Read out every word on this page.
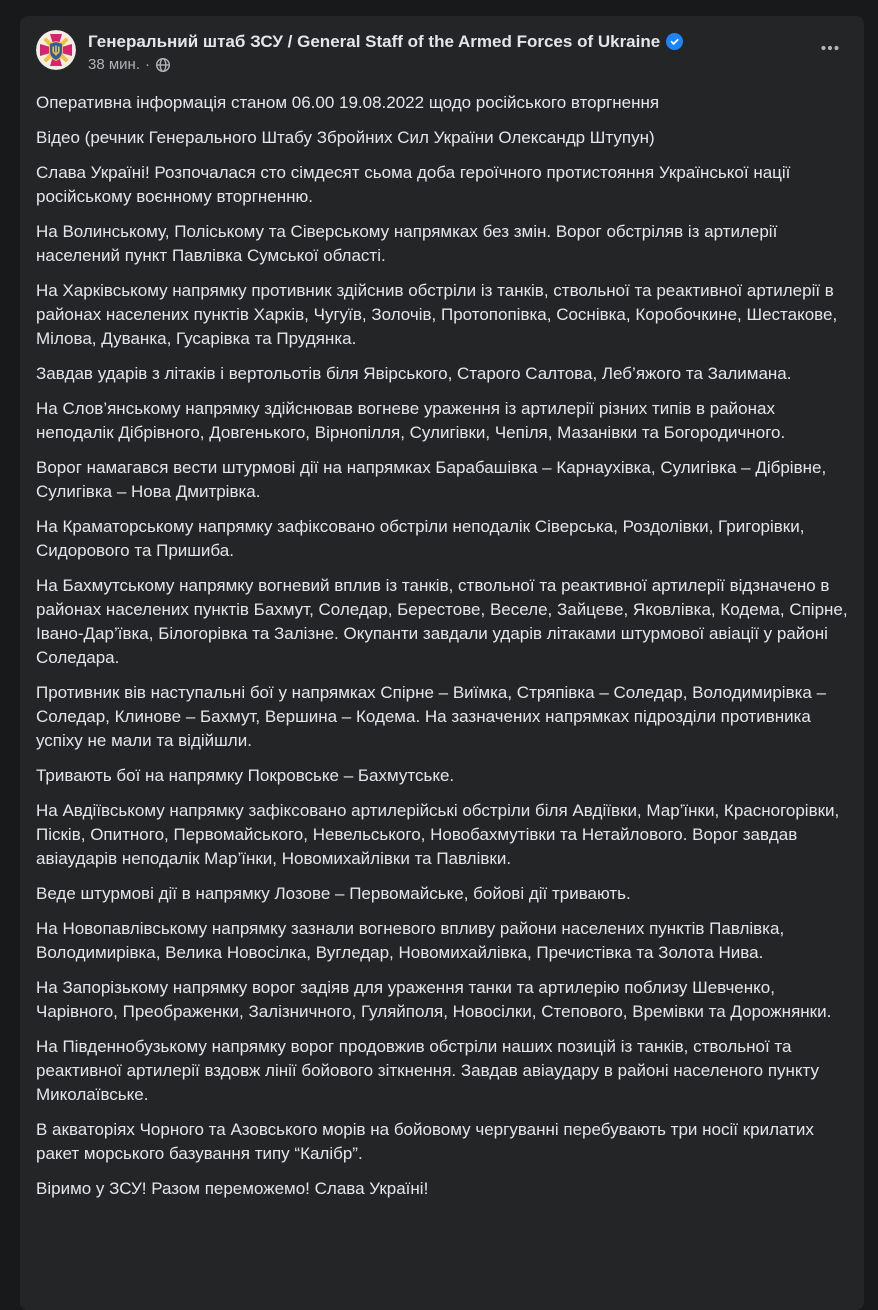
Генеральний штаб ЗСУ / General Staff of the Armed Forces of Ukraine
38 мин. ·
Оперативна інформація станом 06.00 19.08.2022 щодо російського вторгнення
Відео (речник Генерального Штабу Збройних Сил України Олександр Штупун)
Слава Україні! Розпочалася сто сімдесят сьома доба героїчного протистояння Української нації російському воєнному вторгненню.
На Волинському, Поліському та Сіверському напрямках без змін. Ворог обстріляв із артилерії населений пункт Павлівка Сумської області.
На Харківському напрямку противник здійснив обстріли із танків, ствольної та реактивної артилерії в районах населених пунктів Харків, Чугуїв, Золочів, Протопопівка, Соснівка, Коробочкине, Шестакове, Мілова, Дуванка, Гусарівка та Прудянка.
Завдав ударів з літаків і вертольотів біля Явірського, Старого Салтова, Леб’яжого та Залимана.
На Слов’янському напрямку здійснював вогневе ураження із артилерії різних типів в районах  неподалік Дібрівного, Довгенького, Вірнопілля, Сулигівки, Чепіля, Мазанівки та Богородичного.
Ворог намагався вести штурмові дії на напрямках Барабашівка – Карнаухівка, Сулигівка – Дібрівне, Сулигівка – Нова Дмитрівка.
На Краматорському напрямку зафіксовано обстріли неподалік Сіверська, Роздолівки, Григорівки, Сидорового та Пришиба.
На Бахмутському напрямку вогневий вплив із танків, ствольної та реактивної артилерії відзначено в районах населених пунктів Бахмут, Соледар, Берестове, Веселе, Зайцеве, Яковлівка, Кодема, Спірне, Івано-Дар’ївка, Білогорівка та Залізне. Окупанти завдали ударів літаками штурмової авіації у районі Соледара.
Противник вів наступальні бої у напрямках Спірне – Виїмка, Стряпівка – Соледар, Володимирівка – Соледар, Клинове – Бахмут, Вершина – Кодема. На зазначених напрямках підрозділи противника успіху не мали та відійшли.
Тривають бої на напрямку Покровське – Бахмутське.
На Авдіївському напрямку зафіксовано артилерійські обстріли біля Авдіївки, Мар’їнки, Красногорівки, Пісків, Опитного, Первомайського, Невельського, Новобахмутівки та Нетайлового. Ворог завдав авіаударів неподалік Мар’їнки, Новомихайлівки та Павлівки.
Веде штурмові дії в напрямку Лозове – Первомайське, бойові дії тривають.
На Новопавлівському напрямку зазнали вогневого впливу райони населених пунктів Павлівка, Володимирівка, Велика Новосілка, Вугледар, Новомихайлівка, Пречистівка та Золота Нива.
На Запорізькому напрямку ворог задіяв для ураження танки та артилерію поблизу Шевченко, Чарівного, Преображенки, Залізничного, Гуляйполя, Новосілки, Степового, Времівки та Дорожнянки.
На Південнобузькому напрямку ворог продовжив обстріли наших позицій із танків, ствольної та реактивної артилерії вздовж лінії бойового зіткнення. Завдав авіаудару в районі населеного пункту Миколаївське.
В акваторіях Чорного та Азовського морів на бойовому чергуванні перебувають три носії крилатих ракет морського базування типу “Калібр”.
Віримо у ЗСУ! Разом переможемо! Слава Україні!
